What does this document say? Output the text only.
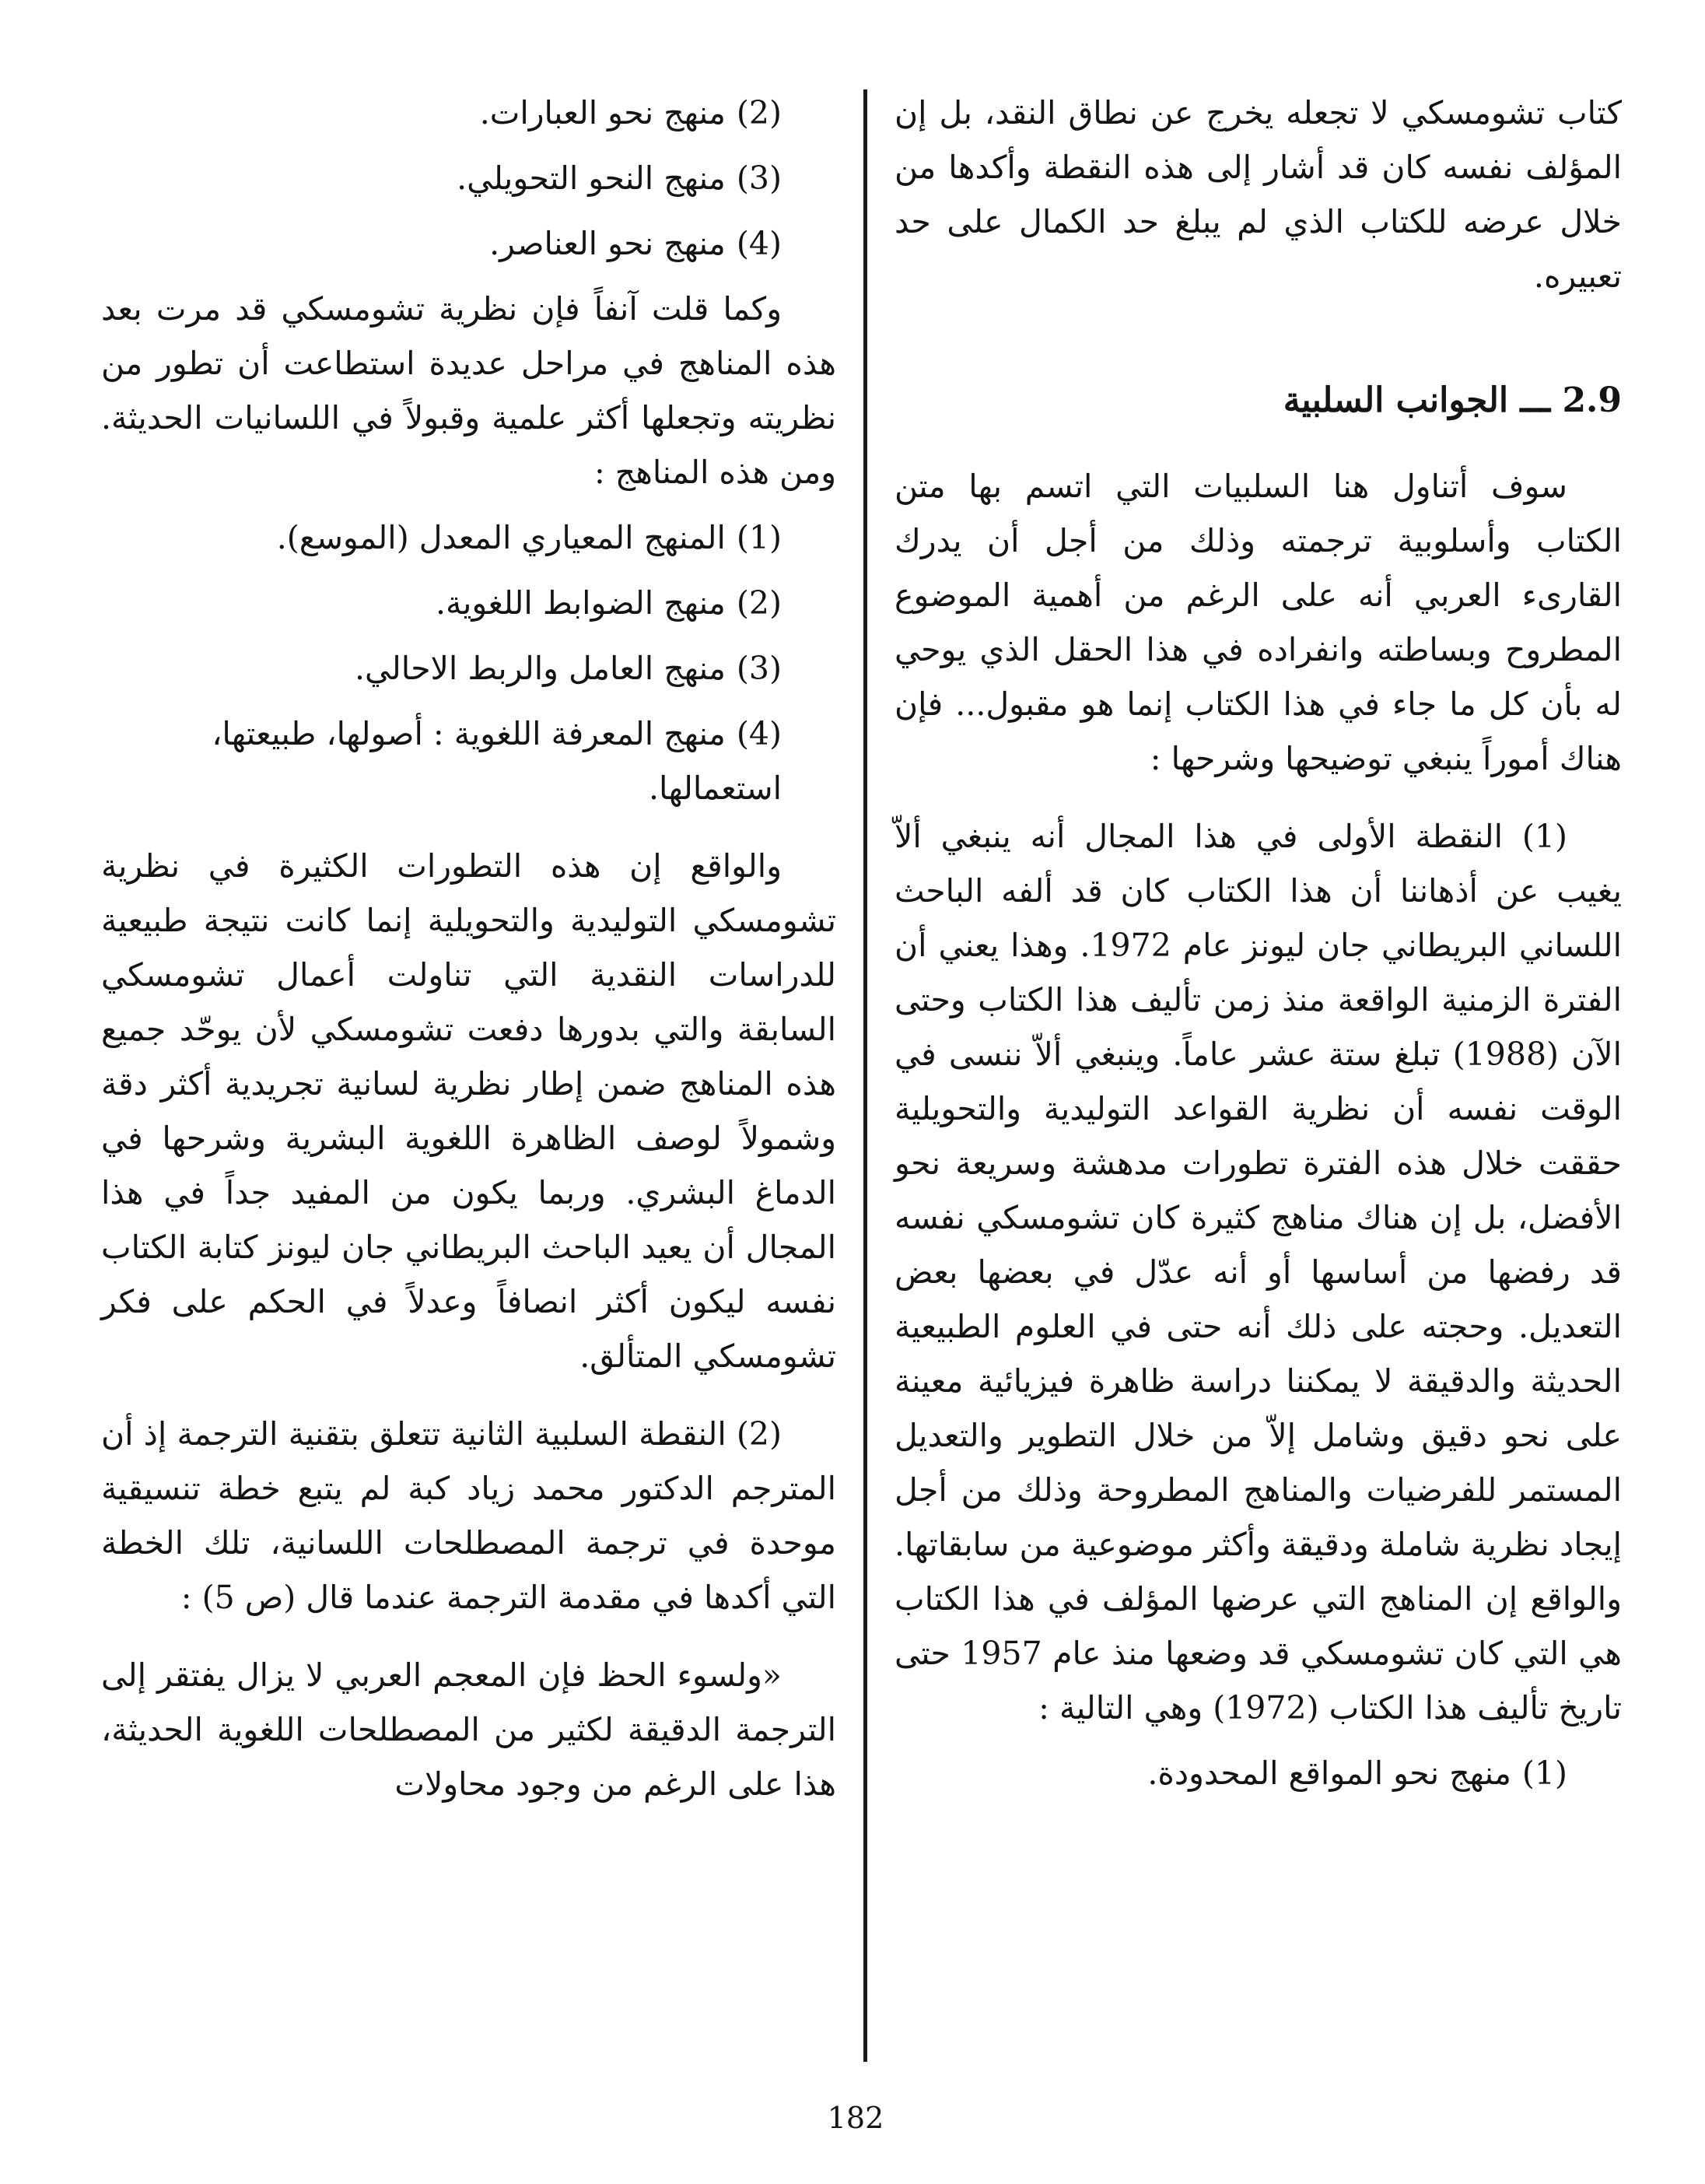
كتاب تشومسكي لا تجعله يخرج عن نطاق النقد، بل إن المؤلف نفسه كان قد أشار إلى هذه النقطة وأكدها من خلال عرضه للكتاب الذي لم يبلغ حد الكمال على حد تعبيره.

2.9 ـــ الجوانب السلبية

سوف أتناول هنا السلبيات التي اتسم بها متن الكتاب وأسلوبية ترجمته وذلك من أجل أن يدرك القارىء العربي أنه على الرغم من أهمية الموضوع المطروح وبساطته وانفراده في هذا الحقل الذي يوحي له بأن كل ما جاء في هذا الكتاب إنما هو مقبول... فإن هناك أموراً ينبغي توضيحها وشرحها :

(1) النقطة الأولى في هذا المجال أنه ينبغي ألاّ يغيب عن أذهاننا أن هذا الكتاب كان قد ألفه الباحث اللساني البريطاني جان ليونز عام 1972. وهذا يعني أن الفترة الزمنية الواقعة منذ زمن تأليف هذا الكتاب وحتى الآن (1988) تبلغ ستة عشر عاماً. وينبغي ألاّ ننسى في الوقت نفسه أن نظرية القواعد التوليدية والتحويلية حققت خلال هذه الفترة تطورات مدهشة وسريعة نحو الأفضل، بل إن هناك مناهج كثيرة كان تشومسكي نفسه قد رفضها من أساسها أو أنه عدّل في بعضها بعض التعديل. وحجته على ذلك أنه حتى في العلوم الطبيعية الحديثة والدقيقة لا يمكننا دراسة ظاهرة فيزيائية معينة على نحو دقيق وشامل إلاّ من خلال التطوير والتعديل المستمر للفرضيات والمناهج المطروحة وذلك من أجل إيجاد نظرية شاملة ودقيقة وأكثر موضوعية من سابقاتها. والواقع إن المناهج التي عرضها المؤلف في هذا الكتاب هي التي كان تشومسكي قد وضعها منذ عام 1957 حتى تاريخ تأليف هذا الكتاب (1972) وهي التالية :

(1)منهج نحو المواقع المحدودة.
(2)منهج نحو العبارات.
(3)منهج النحو التحويلي.
(4)منهج نحو العناصر.

وكما قلت آنفاً فإن نظرية تشومسكي قد مرت بعد هذه المناهج في مراحل عديدة استطاعت أن تطور من نظريته وتجعلها أكثر علمية وقبولاً في اللسانيات الحديثة. ومن هذه المناهج :

(1)المنهج المعياري المعدل (الموسع).
(2)منهج الضوابط اللغوية.
(3)منهج العامل والربط الاحالي.
(4)منهج المعرفة اللغوية : أصولها، طبيعتها، استعمالها.

والواقع إن هذه التطورات الكثيرة في نظرية تشومسكي التوليدية والتحويلية إنما كانت نتيجة طبيعية للدراسات النقدية التي تناولت أعمال تشومسكي السابقة والتي بدورها دفعت تشومسكي لأن يوحّد جميع هذه المناهج ضمن إطار نظرية لسانية تجريدية أكثر دقة وشمولاً لوصف الظاهرة اللغوية البشرية وشرحها في الدماغ البشري. وربما يكون من المفيد جداً في هذا المجال أن يعيد الباحث البريطاني جان ليونز كتابة الكتاب نفسه ليكون أكثر انصافاً وعدلاً في الحكم على فكر تشومسكي المتألق.

(2) النقطة السلبية الثانية تتعلق بتقنية الترجمة إذ أن المترجم الدكتور محمد زياد كبة لم يتبع خطة تنسيقية موحدة في ترجمة المصطلحات اللسانية، تلك الخطة التي أكدها في مقدمة الترجمة عندما قال (ص 5) :

«ولسوء الحظ فإن المعجم العربي لا يزال يفتقر إلى الترجمة الدقيقة لكثير من المصطلحات اللغوية الحديثة، هذا على الرغم من وجود محاولات

182
